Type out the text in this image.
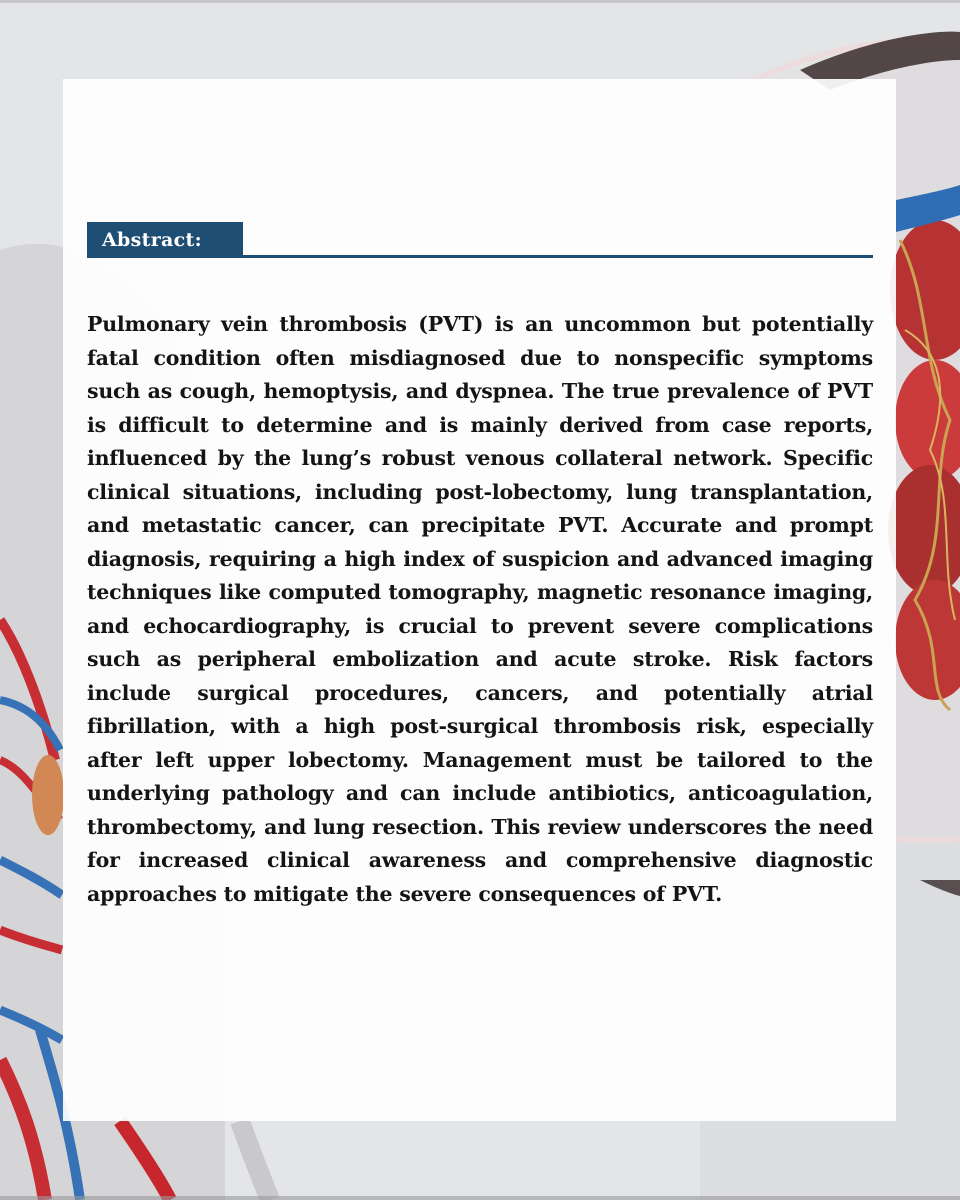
Abstract:

Pulmonary vein thrombosis (PVT) is an uncommon but potentially fatal condition often misdiagnosed due to nonspecific symptoms such as cough, hemoptysis, and dyspnea. The true prevalence of PVT is difficult to determine and is mainly derived from case reports, influenced by the lung’s robust venous collateral network. Specific clinical situations, including post-lobectomy, lung transplantation, and metastatic cancer, can precipitate PVT. Accurate and prompt diagnosis, requiring a high index of suspicion and advanced imaging techniques like computed tomography, magnetic resonance imaging, and echocardiography, is crucial to prevent severe complications such as peripheral embolization and acute stroke. Risk factors include surgical procedures, cancers, and potentially atrial fibrillation, with a high post-surgical thrombosis risk, especially after left upper lobectomy. Management must be tailored to the underlying pathology and can include antibiotics, anticoagulation, thrombectomy, and lung resection. This review underscores the need for increased clinical awareness and comprehensive diagnostic approaches to mitigate the severe consequences of PVT.
